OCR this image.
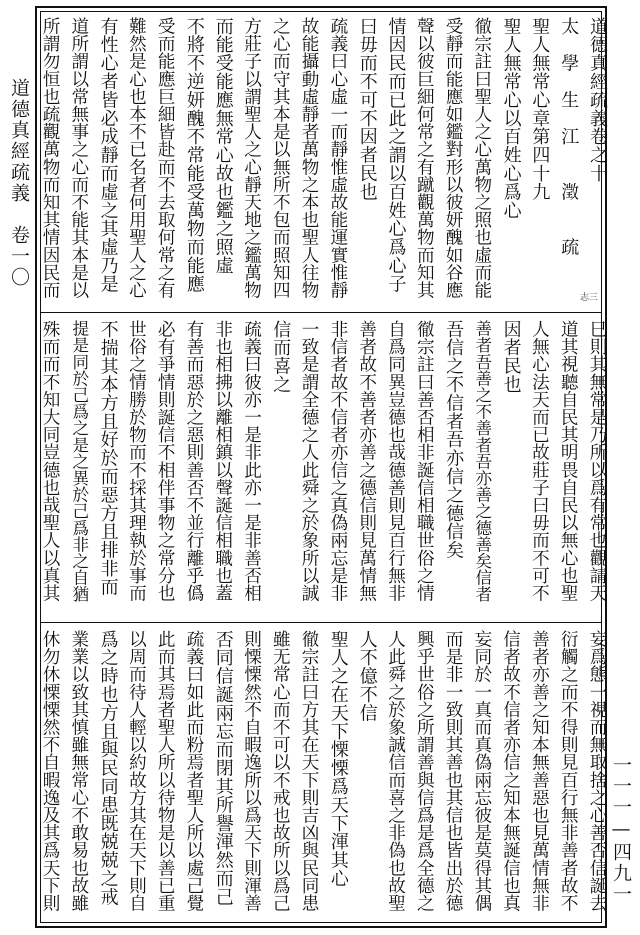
道德真經疏義　卷一〇
一一一—四九一
道德真經疏義卷之十
太　學　生　江　　澂　　疏
聖人無常心章第四十九
聖人無常心以百姓心爲心
徹宗註曰聖人之心萬物之照也虛而能
受靜而能應如鑑對形以彼妍醜如谷應
聲以彼巨細何常之有蹴觀萬物而知其
情因民而已此之謂以百姓心爲心子
曰毋而不可不因者民也
疏義曰心虛一而靜惟虛故能運實惟靜
故能攝動虛靜者萬物之本也聖人往物
之心而守其本是以無所不包而照知四
方莊子以謂聖人之心靜天地之鑑萬物
而能受能應無常心故也鑑之照虛
不將不逆妍醜不常能受萬物而能應
受而能應巨細皆赴而不去取何常之有
難然是心也本不已名者何用聖人之心
有性心者皆必成靜而虛之其虛乃是
道所謂以常無事之心而不能其本是以
所謂勿恒也疏觀萬物而知其情因民而	志三
巳則其無常是乃所以爲有常也觀請天
道其視聽自民其明畏自民以無心也聖
人無心法天而已故莊子曰毋而不可不
因者民也
善者吾善之不善者吾亦善之德善矣信者
吾信之不信者吾亦信之德信矣
徹宗註曰善否相非誕信相職世俗之情
自爲同異豈德也哉德善則見百行無非
善者故不善者亦善之德信則見萬情無
非信者故不信者亦信之真偽兩忘是非
一致是謂全德之人此舜之於象所以誠
信而喜之
疏義曰彼亦一是非此亦一是非善否相
非也相拂以離相鎮以聲誕信相職也蓋
有善而惡於之惡則善否不並行離乎僞
必有爭情則誕信不相伴事物之常分也
世俗之情勝於物而不採其理執於事而
不揣其本方且好於而惡方且排非而
提是同於己爲之是之異於己爲非之自猶
殊而而不知大同豈德也哉聖人以真其
妄爲態一視而無取捨之心善否信誕去
衍觸之而不得則見百行無非善者故不
善者亦善之知本無善惡也見萬情無非
信者故不信者亦信之知本無誕信也真
妄同於一真而真偽兩忘彼是莫得其偶
而是非一致則其善也其信也皆出於德
興乎世俗之所謂善與信爲是爲全德之
人此舜之於象誠信而喜之非偽也故聖
人不億不信
聖人之在天下慄慄爲天下渾其心
徹宗註曰方其在天下則吉凶與民同患
雖无常心而不可以不戒也故所以爲己
則慄慄然不自暇逸所以爲天下則渾善
否同信誕兩忘而閉其所譽渾然而己
疏義曰如此而粉焉者聖人所以處己覺
此而其焉者聖人所以待物是以善已重
以周而待人輕以約故方其在天下則自
爲之時也方且與民同患既兢兢之戒
業業以致其慎雖無常心不敢易也故雖
休勿休慄慄然不自暇逸及其爲天下則
